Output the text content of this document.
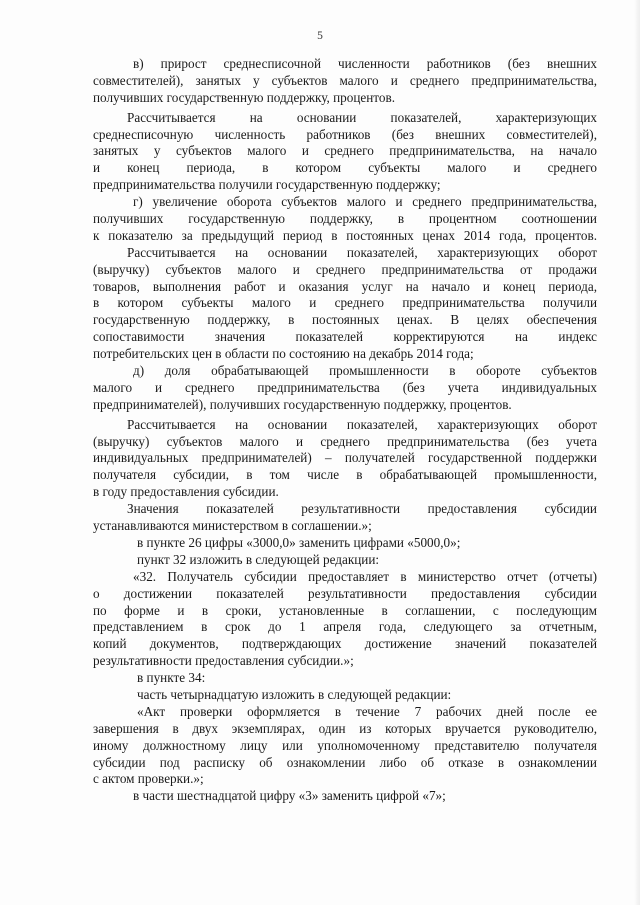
5
в) прирост среднесписочной численности работников (без внешних
совместителей), занятых у субъектов малого и среднего предпринимательства,
получивших государственную поддержку, процентов.
Рассчитывается на основании показателей, характеризующих
среднесписочную численность работников (без внешних совместителей),
занятых у субъектов малого и среднего предпринимательства, на начало
и конец периода, в котором субъекты малого и среднего
предпринимательства получили государственную поддержку;
г) увеличение оборота субъектов малого и среднего предпринимательства,
получивших государственную поддержку, в процентном соотношении
к показателю за предыдущий период в постоянных ценах 2014 года, процентов.
Рассчитывается на основании показателей, характеризующих оборот
(выручку) субъектов малого и среднего предпринимательства от продажи
товаров, выполнения работ и оказания услуг на начало и конец периода,
в котором субъекты малого и среднего предпринимательства получили
государственную поддержку, в постоянных ценах. В целях обеспечения
сопоставимости значения показателей корректируются на индекс
потребительских цен в области по состоянию на декабрь 2014 года;
д) доля обрабатывающей промышленности в обороте субъектов
малого и среднего предпринимательства (без учета индивидуальных
предпринимателей), получивших государственную поддержку, процентов.
Рассчитывается на основании показателей, характеризующих оборот
(выручку) субъектов малого и среднего предпринимательства (без учета
индивидуальных предпринимателей) – получателей государственной поддержки
получателя субсидии, в том числе в обрабатывающей промышленности,
в году предоставления субсидии.
Значения показателей результативности предоставления субсидии
устанавливаются министерством в соглашении.»;
в пункте 26 цифры «3000,0» заменить цифрами «5000,0»;
пункт 32 изложить в следующей редакции:
«32. Получатель субсидии предоставляет в министерство отчет (отчеты)
о достижении показателей результативности предоставления субсидии
по форме и в сроки, установленные в соглашении, с последующим
представлением в срок до 1 апреля года, следующего за отчетным,
копий документов, подтверждающих достижение значений показателей
результативности предоставления субсидии.»;
в пункте 34:
часть четырнадцатую изложить в следующей редакции:
«Акт проверки оформляется в течение 7 рабочих дней после ее
завершения в двух экземплярах, один из которых вручается руководителю,
иному должностному лицу или уполномоченному представителю получателя
субсидии под расписку об ознакомлении либо об отказе в ознакомлении
с актом проверки.»;
в части шестнадцатой цифру «3» заменить цифрой «7»;
